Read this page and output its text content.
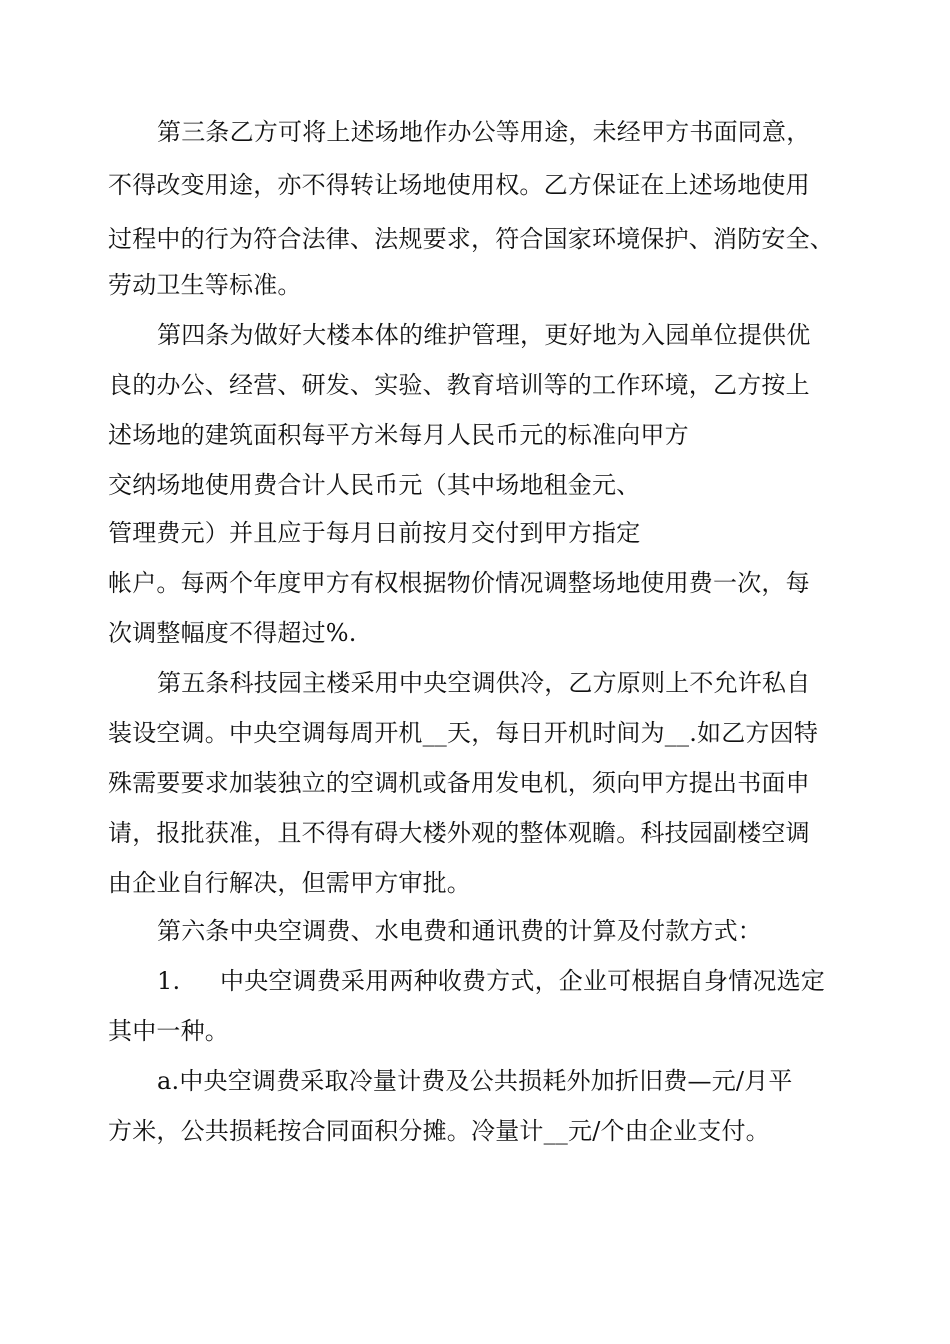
第三条乙方可将上述场地作办公等用途，未经甲方书面同意，
不得改变用途，亦不得转让场地使用权。乙方保证在上述场地使用
过程中的行为符合法律、法规要求，符合国家环境保护、消防安全、
劳动卫生等标准。
第四条为做好大楼本体的维护管理，更好地为入园单位提供优
良的办公、经营、研发、实验、教育培训等的工作环境，乙方按上
述场地的建筑面积每平方米每月人民币元的标准向甲方
交纳场地使用费合计人民币元（其中场地租金元、
管理费元）并且应于每月日前按月交付到甲方指定
帐户。每两个年度甲方有权根据物价情况调整场地使用费一次，每
次调整幅度不得超过%.
第五条科技园主楼采用中央空调供冷，乙方原则上不允许私自
装设空调。中央空调每周开机__天，每日开机时间为__.如乙方因特
殊需要要求加装独立的空调机或备用发电机，须向甲方提出书面申
请，报批获准，且不得有碍大楼外观的整体观瞻。科技园副楼空调
由企业自行解决，但需甲方审批。
第六条中央空调费、水电费和通讯费的计算及付款方式：
1. 中央空调费采用两种收费方式，企业可根据自身情况选定
其中一种。
a.中央空调费采取冷量计费及公共损耗外加折旧费—元/月平
方米，公共损耗按合同面积分摊。冷量计__元/个由企业支付。
